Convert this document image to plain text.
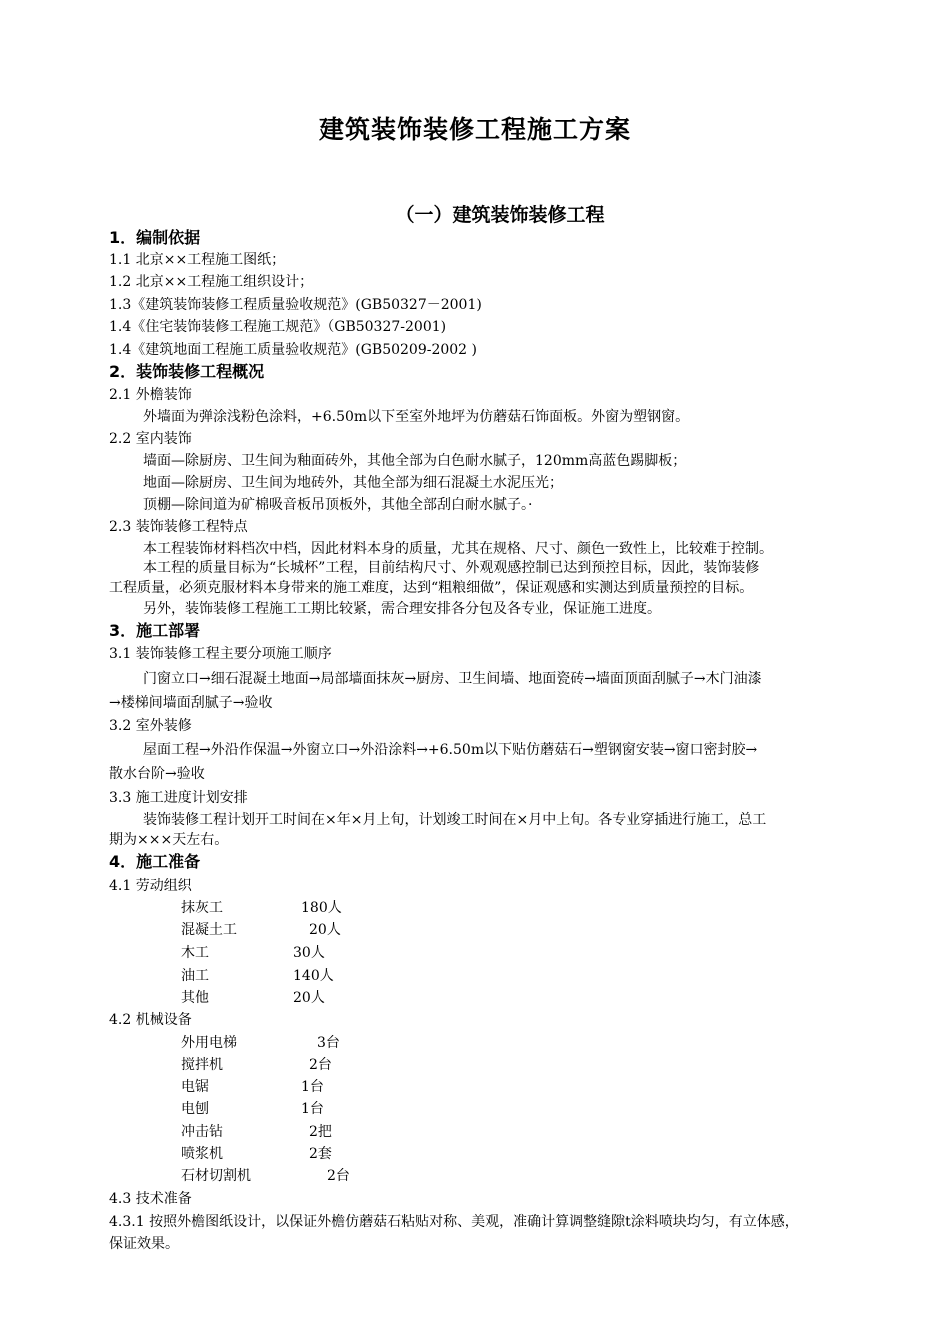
建筑装饰装修工程施工方案
（一）建筑装饰装修工程
1．编制依据
1.1 北京××工程施工图纸；
1.2 北京××工程施工组织设计；
1.3《建筑装饰装修工程质量验收规范》(GB50327－2001)
1.4《住宅装饰装修工程施工规范》（GB50327-2001)
1.4《建筑地面工程施工质量验收规范》(GB50209-2002 )
2．装饰装修工程概况
2.1 外檐装饰
外墙面为弹涂浅粉色涂料，+6.50m以下至室外地坪为仿蘑菇石饰面板。外窗为塑钢窗。
2.2 室内装饰
墙面—除厨房、卫生间为釉面砖外，其他全部为白色耐水腻子，120mm高蓝色踢脚板；
地面—除厨房、卫生间为地砖外，其他全部为细石混凝土水泥压光；
顶棚—除间道为矿棉吸音板吊顶板外，其他全部刮白耐水腻子。·
2.3 装饰装修工程特点
本工程装饰材料档次中档，因此材料本身的质量，尤其在规格、尺寸、颜色一致性上，比较难于控制。
本工程的质量目标为“长城杯”工程，目前结构尺寸、外观观感控制已达到预控目标，因此，装饰装修
工程质量，必须克服材料本身带来的施工难度，达到“粗粮细做”，保证观感和实测达到质量预控的目标。
另外，装饰装修工程施工工期比较紧，需合理安排各分包及各专业，保证施工进度。
3．施工部署
3.1 装饰装修工程主要分项施工顺序
门窗立口→细石混凝土地面→局部墙面抹灰→厨房、卫生间墙、地面瓷砖→墙面顶面刮腻子→木门油漆
→楼梯间墙面刮腻子→验收
3.2 室外装修
屋面工程→外沿作保温→外窗立口→外沿涂料→+6.50m以下贴仿蘑菇石→塑钢窗安装→窗口密封胶→
散水台阶→验收
3.3 施工进度计划安排
装饰装修工程计划开工时间在×年×月上旬，计划竣工时间在×月中上旬。各专业穿插进行施工，总工
期为×××天左右。
4．施工准备
4.1 劳动组织
抹灰工	180人
混凝土工	20人
木工	30人
油工	140人
其他	20人
4.2 机械设备
外用电梯	3台
搅拌机	2台
电锯	1台
电刨	1台
冲击钻	2把
喷浆机	2套
石材切割机	2台
4.3 技术准备
4.3.1 按照外檐图纸设计，以保证外檐仿蘑菇石粘贴对称、美观，准确计算调整缝隙t涂料喷块均匀，有立体感，
保证效果。
